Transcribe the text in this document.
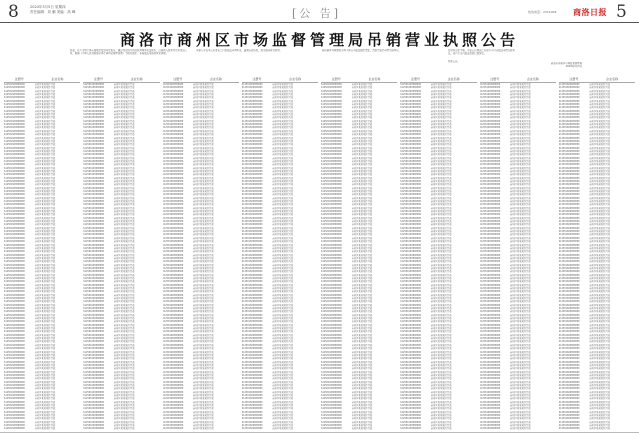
8	2024年3月5日 星期四
责任编辑：刘 鹏 美编：高 峰	[公 告]	热线电话：2311008 商洛日报 5
商洛市商州区市场监督管理局吊销营业执照公告
经查，以下市场主体未按规定报送年度报告，通过登记的住所或经营场所无法联系，已被列入经营异常名录满三年，根据《中华人民共和国市场主体登记管理条例》等相关规定，本局依法吊销其营业执照。
当事人可在本公告发布之日起依法申请听证，逾期未提出的，视为放弃听证权利。	被吊销营业执照的市场主体应当依法组织清算，清算完成后申请注销登记。	如对本决定不服，可在公告期满之日起六十日内依法申请行政复议，或六个月内依法提起行政诉讼。
特此公告。
商洛市商州区市场监督管理局
2024年3月5日
注册号	企业名称
612501600000000	商州区某某某经营部
612501600000000	商州区某某某经营部
612501600000000	商州区某某某经营部
612501600000000	商州区某某某经营部
612501600000000	商州区某某某经营部
612501600000000	商州区某某某经营部
612501600000000	商州区某某某经营部
612501600000000	商州区某某某经营部
612501600000000	商州区某某某经营部
612501600000000	商州区某某某经营部
612501600000000	商州区某某某经营部
612501600000000	商州区某某某经营部
612501600000000	商州区某某某经营部
612501600000000	商州区某某某经营部
612501600000000	商州区某某某经营部
612501600000000	商州区某某某经营部
612501600000000	商州区某某某经营部
612501600000000	商州区某某某经营部
612501600000000	商州区某某某经营部
612501600000000	商州区某某某经营部
612501600000000	商州区某某某经营部
612501600000000	商州区某某某经营部
612501600000000	商州区某某某经营部
612501600000000	商州区某某某经营部
612501600000000	商州区某某某经营部
612501600000000	商州区某某某经营部
612501600000000	商州区某某某经营部
612501600000000	商州区某某某经营部
612501600000000	商州区某某某经营部
612501600000000	商州区某某某经营部
612501600000000	商州区某某某经营部
612501600000000	商州区某某某经营部
612501600000000	商州区某某某经营部
612501600000000	商州区某某某经营部
612501600000000	商州区某某某经营部
612501600000000	商州区某某某经营部
612501600000000	商州区某某某经营部
612501600000000	商州区某某某经营部
612501600000000	商州区某某某经营部
612501600000000	商州区某某某经营部
612501600000000	商州区某某某经营部
612501600000000	商州区某某某经营部
612501600000000	商州区某某某经营部
612501600000000	商州区某某某经营部
612501600000000	商州区某某某经营部
612501600000000	商州区某某某经营部
612501600000000	商州区某某某经营部
612501600000000	商州区某某某经营部
612501600000000	商州区某某某经营部
612501600000000	商州区某某某经营部
612501600000000	商州区某某某经营部
612501600000000	商州区某某某经营部
612501600000000	商州区某某某经营部
612501600000000	商州区某某某经营部
612501600000000	商州区某某某经营部
612501600000000	商州区某某某经营部
612501600000000	商州区某某某经营部
612501600000000	商州区某某某经营部
612501600000000	商州区某某某经营部
612501600000000	商州区某某某经营部
612501600000000	商州区某某某经营部
612501600000000	商州区某某某经营部
612501600000000	商州区某某某经营部
612501600000000	商州区某某某经营部
612501600000000	商州区某某某经营部
612501600000000	商州区某某某经营部
612501600000000	商州区某某某经营部
612501600000000	商州区某某某经营部
612501600000000	商州区某某某经营部
612501600000000	商州区某某某经营部
612501600000000	商州区某某某经营部
612501600000000	商州区某某某经营部
612501600000000	商州区某某某经营部
612501600000000	商州区某某某经营部
612501600000000	商州区某某某经营部
612501600000000	商州区某某某经营部
612501600000000	商州区某某某经营部
612501600000000	商州区某某某经营部
612501600000000	商州区某某某经营部
612501600000000	商州区某某某经营部
612501600000000	商州区某某某经营部
612501600000000	商州区某某某经营部
612501600000000	商州区某某某经营部
612501600000000	商州区某某某经营部
612501600000000	商州区某某某经营部
612501600000000	商州区某某某经营部
612501600000000	商州区某某某经营部
612501600000000	商州区某某某经营部
612501600000000	商州区某某某经营部
612501600000000	商州区某某某经营部
612501600000000	商州区某某某经营部
612501600000000	商州区某某某经营部
612501600000000	商州区某某某经营部
612501600000000	商州区某某某经营部
612501600000000	商州区某某某经营部
612501600000000	商州区某某某经营部
612501600000000	商州区某某某经营部
612501600000000	商州区某某某经营部
612501600000000	商州区某某某经营部
612501600000000	商州区某某某经营部
612501600000000	商州区某某某经营部
612501600000000	商州区某某某经营部
612501600000000	商州区某某某经营部
612501600000000	商州区某某某经营部
注册号	企业名称
612501600000000	商州区某某某经营部
612501600000000	商州区某某某经营部
612501600000000	商州区某某某经营部
612501600000000	商州区某某某经营部
612501600000000	商州区某某某经营部
612501600000000	商州区某某某经营部
612501600000000	商州区某某某经营部
612501600000000	商州区某某某经营部
612501600000000	商州区某某某经营部
612501600000000	商州区某某某经营部
612501600000000	商州区某某某经营部
612501600000000	商州区某某某经营部
612501600000000	商州区某某某经营部
612501600000000	商州区某某某经营部
612501600000000	商州区某某某经营部
612501600000000	商州区某某某经营部
612501600000000	商州区某某某经营部
612501600000000	商州区某某某经营部
612501600000000	商州区某某某经营部
612501600000000	商州区某某某经营部
612501600000000	商州区某某某经营部
612501600000000	商州区某某某经营部
612501600000000	商州区某某某经营部
612501600000000	商州区某某某经营部
612501600000000	商州区某某某经营部
612501600000000	商州区某某某经营部
612501600000000	商州区某某某经营部
612501600000000	商州区某某某经营部
612501600000000	商州区某某某经营部
612501600000000	商州区某某某经营部
612501600000000	商州区某某某经营部
612501600000000	商州区某某某经营部
612501600000000	商州区某某某经营部
612501600000000	商州区某某某经营部
612501600000000	商州区某某某经营部
612501600000000	商州区某某某经营部
612501600000000	商州区某某某经营部
612501600000000	商州区某某某经营部
612501600000000	商州区某某某经营部
612501600000000	商州区某某某经营部
612501600000000	商州区某某某经营部
612501600000000	商州区某某某经营部
612501600000000	商州区某某某经营部
612501600000000	商州区某某某经营部
612501600000000	商州区某某某经营部
612501600000000	商州区某某某经营部
612501600000000	商州区某某某经营部
612501600000000	商州区某某某经营部
612501600000000	商州区某某某经营部
612501600000000	商州区某某某经营部
612501600000000	商州区某某某经营部
612501600000000	商州区某某某经营部
612501600000000	商州区某某某经营部
612501600000000	商州区某某某经营部
612501600000000	商州区某某某经营部
612501600000000	商州区某某某经营部
612501600000000	商州区某某某经营部
612501600000000	商州区某某某经营部
612501600000000	商州区某某某经营部
612501600000000	商州区某某某经营部
612501600000000	商州区某某某经营部
612501600000000	商州区某某某经营部
612501600000000	商州区某某某经营部
612501600000000	商州区某某某经营部
612501600000000	商州区某某某经营部
612501600000000	商州区某某某经营部
612501600000000	商州区某某某经营部
612501600000000	商州区某某某经营部
612501600000000	商州区某某某经营部
612501600000000	商州区某某某经营部
612501600000000	商州区某某某经营部
612501600000000	商州区某某某经营部
612501600000000	商州区某某某经营部
612501600000000	商州区某某某经营部
612501600000000	商州区某某某经营部
612501600000000	商州区某某某经营部
612501600000000	商州区某某某经营部
612501600000000	商州区某某某经营部
612501600000000	商州区某某某经营部
612501600000000	商州区某某某经营部
612501600000000	商州区某某某经营部
612501600000000	商州区某某某经营部
612501600000000	商州区某某某经营部
612501600000000	商州区某某某经营部
612501600000000	商州区某某某经营部
612501600000000	商州区某某某经营部
612501600000000	商州区某某某经营部
612501600000000	商州区某某某经营部
612501600000000	商州区某某某经营部
612501600000000	商州区某某某经营部
612501600000000	商州区某某某经营部
612501600000000	商州区某某某经营部
612501600000000	商州区某某某经营部
612501600000000	商州区某某某经营部
612501600000000	商州区某某某经营部
612501600000000	商州区某某某经营部
612501600000000	商州区某某某经营部
612501600000000	商州区某某某经营部
612501600000000	商州区某某某经营部
612501600000000	商州区某某某经营部
612501600000000	商州区某某某经营部
612501600000000	商州区某某某经营部
612501600000000	商州区某某某经营部
612501600000000	商州区某某某经营部
注册号	企业名称
612501600000000	商州区某某某经营部
612501600000000	商州区某某某经营部
612501600000000	商州区某某某经营部
612501600000000	商州区某某某经营部
612501600000000	商州区某某某经营部
612501600000000	商州区某某某经营部
612501600000000	商州区某某某经营部
612501600000000	商州区某某某经营部
612501600000000	商州区某某某经营部
612501600000000	商州区某某某经营部
612501600000000	商州区某某某经营部
612501600000000	商州区某某某经营部
612501600000000	商州区某某某经营部
612501600000000	商州区某某某经营部
612501600000000	商州区某某某经营部
612501600000000	商州区某某某经营部
612501600000000	商州区某某某经营部
612501600000000	商州区某某某经营部
612501600000000	商州区某某某经营部
612501600000000	商州区某某某经营部
612501600000000	商州区某某某经营部
612501600000000	商州区某某某经营部
612501600000000	商州区某某某经营部
612501600000000	商州区某某某经营部
612501600000000	商州区某某某经营部
612501600000000	商州区某某某经营部
612501600000000	商州区某某某经营部
612501600000000	商州区某某某经营部
612501600000000	商州区某某某经营部
612501600000000	商州区某某某经营部
612501600000000	商州区某某某经营部
612501600000000	商州区某某某经营部
612501600000000	商州区某某某经营部
612501600000000	商州区某某某经营部
612501600000000	商州区某某某经营部
612501600000000	商州区某某某经营部
612501600000000	商州区某某某经营部
612501600000000	商州区某某某经营部
612501600000000	商州区某某某经营部
612501600000000	商州区某某某经营部
612501600000000	商州区某某某经营部
612501600000000	商州区某某某经营部
612501600000000	商州区某某某经营部
612501600000000	商州区某某某经营部
612501600000000	商州区某某某经营部
612501600000000	商州区某某某经营部
612501600000000	商州区某某某经营部
612501600000000	商州区某某某经营部
612501600000000	商州区某某某经营部
612501600000000	商州区某某某经营部
612501600000000	商州区某某某经营部
612501600000000	商州区某某某经营部
612501600000000	商州区某某某经营部
612501600000000	商州区某某某经营部
612501600000000	商州区某某某经营部
612501600000000	商州区某某某经营部
612501600000000	商州区某某某经营部
612501600000000	商州区某某某经营部
612501600000000	商州区某某某经营部
612501600000000	商州区某某某经营部
612501600000000	商州区某某某经营部
612501600000000	商州区某某某经营部
612501600000000	商州区某某某经营部
612501600000000	商州区某某某经营部
612501600000000	商州区某某某经营部
612501600000000	商州区某某某经营部
612501600000000	商州区某某某经营部
612501600000000	商州区某某某经营部
612501600000000	商州区某某某经营部
612501600000000	商州区某某某经营部
612501600000000	商州区某某某经营部
612501600000000	商州区某某某经营部
612501600000000	商州区某某某经营部
612501600000000	商州区某某某经营部
612501600000000	商州区某某某经营部
612501600000000	商州区某某某经营部
612501600000000	商州区某某某经营部
612501600000000	商州区某某某经营部
612501600000000	商州区某某某经营部
612501600000000	商州区某某某经营部
612501600000000	商州区某某某经营部
612501600000000	商州区某某某经营部
612501600000000	商州区某某某经营部
612501600000000	商州区某某某经营部
612501600000000	商州区某某某经营部
612501600000000	商州区某某某经营部
612501600000000	商州区某某某经营部
612501600000000	商州区某某某经营部
612501600000000	商州区某某某经营部
612501600000000	商州区某某某经营部
612501600000000	商州区某某某经营部
612501600000000	商州区某某某经营部
612501600000000	商州区某某某经营部
612501600000000	商州区某某某经营部
612501600000000	商州区某某某经营部
612501600000000	商州区某某某经营部
612501600000000	商州区某某某经营部
612501600000000	商州区某某某经营部
612501600000000	商州区某某某经营部
612501600000000	商州区某某某经营部
612501600000000	商州区某某某经营部
612501600000000	商州区某某某经营部
612501600000000	商州区某某某经营部
612501600000000	商州区某某某经营部
注册号	企业名称
612501600000000	商州区某某某经营部
612501600000000	商州区某某某经营部
612501600000000	商州区某某某经营部
612501600000000	商州区某某某经营部
612501600000000	商州区某某某经营部
612501600000000	商州区某某某经营部
612501600000000	商州区某某某经营部
612501600000000	商州区某某某经营部
612501600000000	商州区某某某经营部
612501600000000	商州区某某某经营部
612501600000000	商州区某某某经营部
612501600000000	商州区某某某经营部
612501600000000	商州区某某某经营部
612501600000000	商州区某某某经营部
612501600000000	商州区某某某经营部
612501600000000	商州区某某某经营部
612501600000000	商州区某某某经营部
612501600000000	商州区某某某经营部
612501600000000	商州区某某某经营部
612501600000000	商州区某某某经营部
612501600000000	商州区某某某经营部
612501600000000	商州区某某某经营部
612501600000000	商州区某某某经营部
612501600000000	商州区某某某经营部
612501600000000	商州区某某某经营部
612501600000000	商州区某某某经营部
612501600000000	商州区某某某经营部
612501600000000	商州区某某某经营部
612501600000000	商州区某某某经营部
612501600000000	商州区某某某经营部
612501600000000	商州区某某某经营部
612501600000000	商州区某某某经营部
612501600000000	商州区某某某经营部
612501600000000	商州区某某某经营部
612501600000000	商州区某某某经营部
612501600000000	商州区某某某经营部
612501600000000	商州区某某某经营部
612501600000000	商州区某某某经营部
612501600000000	商州区某某某经营部
612501600000000	商州区某某某经营部
612501600000000	商州区某某某经营部
612501600000000	商州区某某某经营部
612501600000000	商州区某某某经营部
612501600000000	商州区某某某经营部
612501600000000	商州区某某某经营部
612501600000000	商州区某某某经营部
612501600000000	商州区某某某经营部
612501600000000	商州区某某某经营部
612501600000000	商州区某某某经营部
612501600000000	商州区某某某经营部
612501600000000	商州区某某某经营部
612501600000000	商州区某某某经营部
612501600000000	商州区某某某经营部
612501600000000	商州区某某某经营部
612501600000000	商州区某某某经营部
612501600000000	商州区某某某经营部
612501600000000	商州区某某某经营部
612501600000000	商州区某某某经营部
612501600000000	商州区某某某经营部
612501600000000	商州区某某某经营部
612501600000000	商州区某某某经营部
612501600000000	商州区某某某经营部
612501600000000	商州区某某某经营部
612501600000000	商州区某某某经营部
612501600000000	商州区某某某经营部
612501600000000	商州区某某某经营部
612501600000000	商州区某某某经营部
612501600000000	商州区某某某经营部
612501600000000	商州区某某某经营部
612501600000000	商州区某某某经营部
612501600000000	商州区某某某经营部
612501600000000	商州区某某某经营部
612501600000000	商州区某某某经营部
612501600000000	商州区某某某经营部
612501600000000	商州区某某某经营部
612501600000000	商州区某某某经营部
612501600000000	商州区某某某经营部
612501600000000	商州区某某某经营部
612501600000000	商州区某某某经营部
612501600000000	商州区某某某经营部
612501600000000	商州区某某某经营部
612501600000000	商州区某某某经营部
612501600000000	商州区某某某经营部
612501600000000	商州区某某某经营部
612501600000000	商州区某某某经营部
612501600000000	商州区某某某经营部
612501600000000	商州区某某某经营部
612501600000000	商州区某某某经营部
612501600000000	商州区某某某经营部
612501600000000	商州区某某某经营部
612501600000000	商州区某某某经营部
612501600000000	商州区某某某经营部
612501600000000	商州区某某某经营部
612501600000000	商州区某某某经营部
612501600000000	商州区某某某经营部
612501600000000	商州区某某某经营部
612501600000000	商州区某某某经营部
612501600000000	商州区某某某经营部
612501600000000	商州区某某某经营部
612501600000000	商州区某某某经营部
612501600000000	商州区某某某经营部
612501600000000	商州区某某某经营部
612501600000000	商州区某某某经营部
612501600000000	商州区某某某经营部
注册号	企业名称
612501600000000	商州区某某某经营部
612501600000000	商州区某某某经营部
612501600000000	商州区某某某经营部
612501600000000	商州区某某某经营部
612501600000000	商州区某某某经营部
612501600000000	商州区某某某经营部
612501600000000	商州区某某某经营部
612501600000000	商州区某某某经营部
612501600000000	商州区某某某经营部
612501600000000	商州区某某某经营部
612501600000000	商州区某某某经营部
612501600000000	商州区某某某经营部
612501600000000	商州区某某某经营部
612501600000000	商州区某某某经营部
612501600000000	商州区某某某经营部
612501600000000	商州区某某某经营部
612501600000000	商州区某某某经营部
612501600000000	商州区某某某经营部
612501600000000	商州区某某某经营部
612501600000000	商州区某某某经营部
612501600000000	商州区某某某经营部
612501600000000	商州区某某某经营部
612501600000000	商州区某某某经营部
612501600000000	商州区某某某经营部
612501600000000	商州区某某某经营部
612501600000000	商州区某某某经营部
612501600000000	商州区某某某经营部
612501600000000	商州区某某某经营部
612501600000000	商州区某某某经营部
612501600000000	商州区某某某经营部
612501600000000	商州区某某某经营部
612501600000000	商州区某某某经营部
612501600000000	商州区某某某经营部
612501600000000	商州区某某某经营部
612501600000000	商州区某某某经营部
612501600000000	商州区某某某经营部
612501600000000	商州区某某某经营部
612501600000000	商州区某某某经营部
612501600000000	商州区某某某经营部
612501600000000	商州区某某某经营部
612501600000000	商州区某某某经营部
612501600000000	商州区某某某经营部
612501600000000	商州区某某某经营部
612501600000000	商州区某某某经营部
612501600000000	商州区某某某经营部
612501600000000	商州区某某某经营部
612501600000000	商州区某某某经营部
612501600000000	商州区某某某经营部
612501600000000	商州区某某某经营部
612501600000000	商州区某某某经营部
612501600000000	商州区某某某经营部
612501600000000	商州区某某某经营部
612501600000000	商州区某某某经营部
612501600000000	商州区某某某经营部
612501600000000	商州区某某某经营部
612501600000000	商州区某某某经营部
612501600000000	商州区某某某经营部
612501600000000	商州区某某某经营部
612501600000000	商州区某某某经营部
612501600000000	商州区某某某经营部
612501600000000	商州区某某某经营部
612501600000000	商州区某某某经营部
612501600000000	商州区某某某经营部
612501600000000	商州区某某某经营部
612501600000000	商州区某某某经营部
612501600000000	商州区某某某经营部
612501600000000	商州区某某某经营部
612501600000000	商州区某某某经营部
612501600000000	商州区某某某经营部
612501600000000	商州区某某某经营部
612501600000000	商州区某某某经营部
612501600000000	商州区某某某经营部
612501600000000	商州区某某某经营部
612501600000000	商州区某某某经营部
612501600000000	商州区某某某经营部
612501600000000	商州区某某某经营部
612501600000000	商州区某某某经营部
612501600000000	商州区某某某经营部
612501600000000	商州区某某某经营部
612501600000000	商州区某某某经营部
612501600000000	商州区某某某经营部
612501600000000	商州区某某某经营部
612501600000000	商州区某某某经营部
612501600000000	商州区某某某经营部
612501600000000	商州区某某某经营部
612501600000000	商州区某某某经营部
612501600000000	商州区某某某经营部
612501600000000	商州区某某某经营部
612501600000000	商州区某某某经营部
612501600000000	商州区某某某经营部
612501600000000	商州区某某某经营部
612501600000000	商州区某某某经营部
612501600000000	商州区某某某经营部
612501600000000	商州区某某某经营部
612501600000000	商州区某某某经营部
612501600000000	商州区某某某经营部
612501600000000	商州区某某某经营部
612501600000000	商州区某某某经营部
612501600000000	商州区某某某经营部
612501600000000	商州区某某某经营部
612501600000000	商州区某某某经营部
612501600000000	商州区某某某经营部
612501600000000	商州区某某某经营部
612501600000000	商州区某某某经营部
注册号	企业名称
612501600000000	商州区某某某经营部
612501600000000	商州区某某某经营部
612501600000000	商州区某某某经营部
612501600000000	商州区某某某经营部
612501600000000	商州区某某某经营部
612501600000000	商州区某某某经营部
612501600000000	商州区某某某经营部
612501600000000	商州区某某某经营部
612501600000000	商州区某某某经营部
612501600000000	商州区某某某经营部
612501600000000	商州区某某某经营部
612501600000000	商州区某某某经营部
612501600000000	商州区某某某经营部
612501600000000	商州区某某某经营部
612501600000000	商州区某某某经营部
612501600000000	商州区某某某经营部
612501600000000	商州区某某某经营部
612501600000000	商州区某某某经营部
612501600000000	商州区某某某经营部
612501600000000	商州区某某某经营部
612501600000000	商州区某某某经营部
612501600000000	商州区某某某经营部
612501600000000	商州区某某某经营部
612501600000000	商州区某某某经营部
612501600000000	商州区某某某经营部
612501600000000	商州区某某某经营部
612501600000000	商州区某某某经营部
612501600000000	商州区某某某经营部
612501600000000	商州区某某某经营部
612501600000000	商州区某某某经营部
612501600000000	商州区某某某经营部
612501600000000	商州区某某某经营部
612501600000000	商州区某某某经营部
612501600000000	商州区某某某经营部
612501600000000	商州区某某某经营部
612501600000000	商州区某某某经营部
612501600000000	商州区某某某经营部
612501600000000	商州区某某某经营部
612501600000000	商州区某某某经营部
612501600000000	商州区某某某经营部
612501600000000	商州区某某某经营部
612501600000000	商州区某某某经营部
612501600000000	商州区某某某经营部
612501600000000	商州区某某某经营部
612501600000000	商州区某某某经营部
612501600000000	商州区某某某经营部
612501600000000	商州区某某某经营部
612501600000000	商州区某某某经营部
612501600000000	商州区某某某经营部
612501600000000	商州区某某某经营部
612501600000000	商州区某某某经营部
612501600000000	商州区某某某经营部
612501600000000	商州区某某某经营部
612501600000000	商州区某某某经营部
612501600000000	商州区某某某经营部
612501600000000	商州区某某某经营部
612501600000000	商州区某某某经营部
612501600000000	商州区某某某经营部
612501600000000	商州区某某某经营部
612501600000000	商州区某某某经营部
612501600000000	商州区某某某经营部
612501600000000	商州区某某某经营部
612501600000000	商州区某某某经营部
612501600000000	商州区某某某经营部
612501600000000	商州区某某某经营部
612501600000000	商州区某某某经营部
612501600000000	商州区某某某经营部
612501600000000	商州区某某某经营部
612501600000000	商州区某某某经营部
612501600000000	商州区某某某经营部
612501600000000	商州区某某某经营部
612501600000000	商州区某某某经营部
612501600000000	商州区某某某经营部
612501600000000	商州区某某某经营部
612501600000000	商州区某某某经营部
612501600000000	商州区某某某经营部
612501600000000	商州区某某某经营部
612501600000000	商州区某某某经营部
612501600000000	商州区某某某经营部
612501600000000	商州区某某某经营部
612501600000000	商州区某某某经营部
612501600000000	商州区某某某经营部
612501600000000	商州区某某某经营部
612501600000000	商州区某某某经营部
612501600000000	商州区某某某经营部
612501600000000	商州区某某某经营部
612501600000000	商州区某某某经营部
612501600000000	商州区某某某经营部
612501600000000	商州区某某某经营部
612501600000000	商州区某某某经营部
612501600000000	商州区某某某经营部
612501600000000	商州区某某某经营部
612501600000000	商州区某某某经营部
612501600000000	商州区某某某经营部
612501600000000	商州区某某某经营部
612501600000000	商州区某某某经营部
612501600000000	商州区某某某经营部
612501600000000	商州区某某某经营部
612501600000000	商州区某某某经营部
612501600000000	商州区某某某经营部
612501600000000	商州区某某某经营部
612501600000000	商州区某某某经营部
612501600000000	商州区某某某经营部
612501600000000	商州区某某某经营部
注册号	企业名称
612501600000000	商州区某某某经营部
612501600000000	商州区某某某经营部
612501600000000	商州区某某某经营部
612501600000000	商州区某某某经营部
612501600000000	商州区某某某经营部
612501600000000	商州区某某某经营部
612501600000000	商州区某某某经营部
612501600000000	商州区某某某经营部
612501600000000	商州区某某某经营部
612501600000000	商州区某某某经营部
612501600000000	商州区某某某经营部
612501600000000	商州区某某某经营部
612501600000000	商州区某某某经营部
612501600000000	商州区某某某经营部
612501600000000	商州区某某某经营部
612501600000000	商州区某某某经营部
612501600000000	商州区某某某经营部
612501600000000	商州区某某某经营部
612501600000000	商州区某某某经营部
612501600000000	商州区某某某经营部
612501600000000	商州区某某某经营部
612501600000000	商州区某某某经营部
612501600000000	商州区某某某经营部
612501600000000	商州区某某某经营部
612501600000000	商州区某某某经营部
612501600000000	商州区某某某经营部
612501600000000	商州区某某某经营部
612501600000000	商州区某某某经营部
612501600000000	商州区某某某经营部
612501600000000	商州区某某某经营部
612501600000000	商州区某某某经营部
612501600000000	商州区某某某经营部
612501600000000	商州区某某某经营部
612501600000000	商州区某某某经营部
612501600000000	商州区某某某经营部
612501600000000	商州区某某某经营部
612501600000000	商州区某某某经营部
612501600000000	商州区某某某经营部
612501600000000	商州区某某某经营部
612501600000000	商州区某某某经营部
612501600000000	商州区某某某经营部
612501600000000	商州区某某某经营部
612501600000000	商州区某某某经营部
612501600000000	商州区某某某经营部
612501600000000	商州区某某某经营部
612501600000000	商州区某某某经营部
612501600000000	商州区某某某经营部
612501600000000	商州区某某某经营部
612501600000000	商州区某某某经营部
612501600000000	商州区某某某经营部
612501600000000	商州区某某某经营部
612501600000000	商州区某某某经营部
612501600000000	商州区某某某经营部
612501600000000	商州区某某某经营部
612501600000000	商州区某某某经营部
612501600000000	商州区某某某经营部
612501600000000	商州区某某某经营部
612501600000000	商州区某某某经营部
612501600000000	商州区某某某经营部
612501600000000	商州区某某某经营部
612501600000000	商州区某某某经营部
612501600000000	商州区某某某经营部
612501600000000	商州区某某某经营部
612501600000000	商州区某某某经营部
612501600000000	商州区某某某经营部
612501600000000	商州区某某某经营部
612501600000000	商州区某某某经营部
612501600000000	商州区某某某经营部
612501600000000	商州区某某某经营部
612501600000000	商州区某某某经营部
612501600000000	商州区某某某经营部
612501600000000	商州区某某某经营部
612501600000000	商州区某某某经营部
612501600000000	商州区某某某经营部
612501600000000	商州区某某某经营部
612501600000000	商州区某某某经营部
612501600000000	商州区某某某经营部
612501600000000	商州区某某某经营部
612501600000000	商州区某某某经营部
612501600000000	商州区某某某经营部
612501600000000	商州区某某某经营部
612501600000000	商州区某某某经营部
612501600000000	商州区某某某经营部
612501600000000	商州区某某某经营部
612501600000000	商州区某某某经营部
612501600000000	商州区某某某经营部
612501600000000	商州区某某某经营部
612501600000000	商州区某某某经营部
612501600000000	商州区某某某经营部
612501600000000	商州区某某某经营部
612501600000000	商州区某某某经营部
612501600000000	商州区某某某经营部
612501600000000	商州区某某某经营部
612501600000000	商州区某某某经营部
612501600000000	商州区某某某经营部
612501600000000	商州区某某某经营部
612501600000000	商州区某某某经营部
612501600000000	商州区某某某经营部
612501600000000	商州区某某某经营部
612501600000000	商州区某某某经营部
612501600000000	商州区某某某经营部
612501600000000	商州区某某某经营部
612501600000000	商州区某某某经营部
612501600000000	商州区某某某经营部
注册号	企业名称
612501600000000	商州区某某某经营部
612501600000000	商州区某某某经营部
612501600000000	商州区某某某经营部
612501600000000	商州区某某某经营部
612501600000000	商州区某某某经营部
612501600000000	商州区某某某经营部
612501600000000	商州区某某某经营部
612501600000000	商州区某某某经营部
612501600000000	商州区某某某经营部
612501600000000	商州区某某某经营部
612501600000000	商州区某某某经营部
612501600000000	商州区某某某经营部
612501600000000	商州区某某某经营部
612501600000000	商州区某某某经营部
612501600000000	商州区某某某经营部
612501600000000	商州区某某某经营部
612501600000000	商州区某某某经营部
612501600000000	商州区某某某经营部
612501600000000	商州区某某某经营部
612501600000000	商州区某某某经营部
612501600000000	商州区某某某经营部
612501600000000	商州区某某某经营部
612501600000000	商州区某某某经营部
612501600000000	商州区某某某经营部
612501600000000	商州区某某某经营部
612501600000000	商州区某某某经营部
612501600000000	商州区某某某经营部
612501600000000	商州区某某某经营部
612501600000000	商州区某某某经营部
612501600000000	商州区某某某经营部
612501600000000	商州区某某某经营部
612501600000000	商州区某某某经营部
612501600000000	商州区某某某经营部
612501600000000	商州区某某某经营部
612501600000000	商州区某某某经营部
612501600000000	商州区某某某经营部
612501600000000	商州区某某某经营部
612501600000000	商州区某某某经营部
612501600000000	商州区某某某经营部
612501600000000	商州区某某某经营部
612501600000000	商州区某某某经营部
612501600000000	商州区某某某经营部
612501600000000	商州区某某某经营部
612501600000000	商州区某某某经营部
612501600000000	商州区某某某经营部
612501600000000	商州区某某某经营部
612501600000000	商州区某某某经营部
612501600000000	商州区某某某经营部
612501600000000	商州区某某某经营部
612501600000000	商州区某某某经营部
612501600000000	商州区某某某经营部
612501600000000	商州区某某某经营部
612501600000000	商州区某某某经营部
612501600000000	商州区某某某经营部
612501600000000	商州区某某某经营部
612501600000000	商州区某某某经营部
612501600000000	商州区某某某经营部
612501600000000	商州区某某某经营部
612501600000000	商州区某某某经营部
612501600000000	商州区某某某经营部
612501600000000	商州区某某某经营部
612501600000000	商州区某某某经营部
612501600000000	商州区某某某经营部
612501600000000	商州区某某某经营部
612501600000000	商州区某某某经营部
612501600000000	商州区某某某经营部
612501600000000	商州区某某某经营部
612501600000000	商州区某某某经营部
612501600000000	商州区某某某经营部
612501600000000	商州区某某某经营部
612501600000000	商州区某某某经营部
612501600000000	商州区某某某经营部
612501600000000	商州区某某某经营部
612501600000000	商州区某某某经营部
612501600000000	商州区某某某经营部
612501600000000	商州区某某某经营部
612501600000000	商州区某某某经营部
612501600000000	商州区某某某经营部
612501600000000	商州区某某某经营部
612501600000000	商州区某某某经营部
612501600000000	商州区某某某经营部
612501600000000	商州区某某某经营部
612501600000000	商州区某某某经营部
612501600000000	商州区某某某经营部
612501600000000	商州区某某某经营部
612501600000000	商州区某某某经营部
612501600000000	商州区某某某经营部
612501600000000	商州区某某某经营部
612501600000000	商州区某某某经营部
612501600000000	商州区某某某经营部
612501600000000	商州区某某某经营部
612501600000000	商州区某某某经营部
612501600000000	商州区某某某经营部
612501600000000	商州区某某某经营部
612501600000000	商州区某某某经营部
612501600000000	商州区某某某经营部
612501600000000	商州区某某某经营部
612501600000000	商州区某某某经营部
612501600000000	商州区某某某经营部
612501600000000	商州区某某某经营部
612501600000000	商州区某某某经营部
612501600000000	商州区某某某经营部
612501600000000	商州区某某某经营部
612501600000000	商州区某某某经营部
